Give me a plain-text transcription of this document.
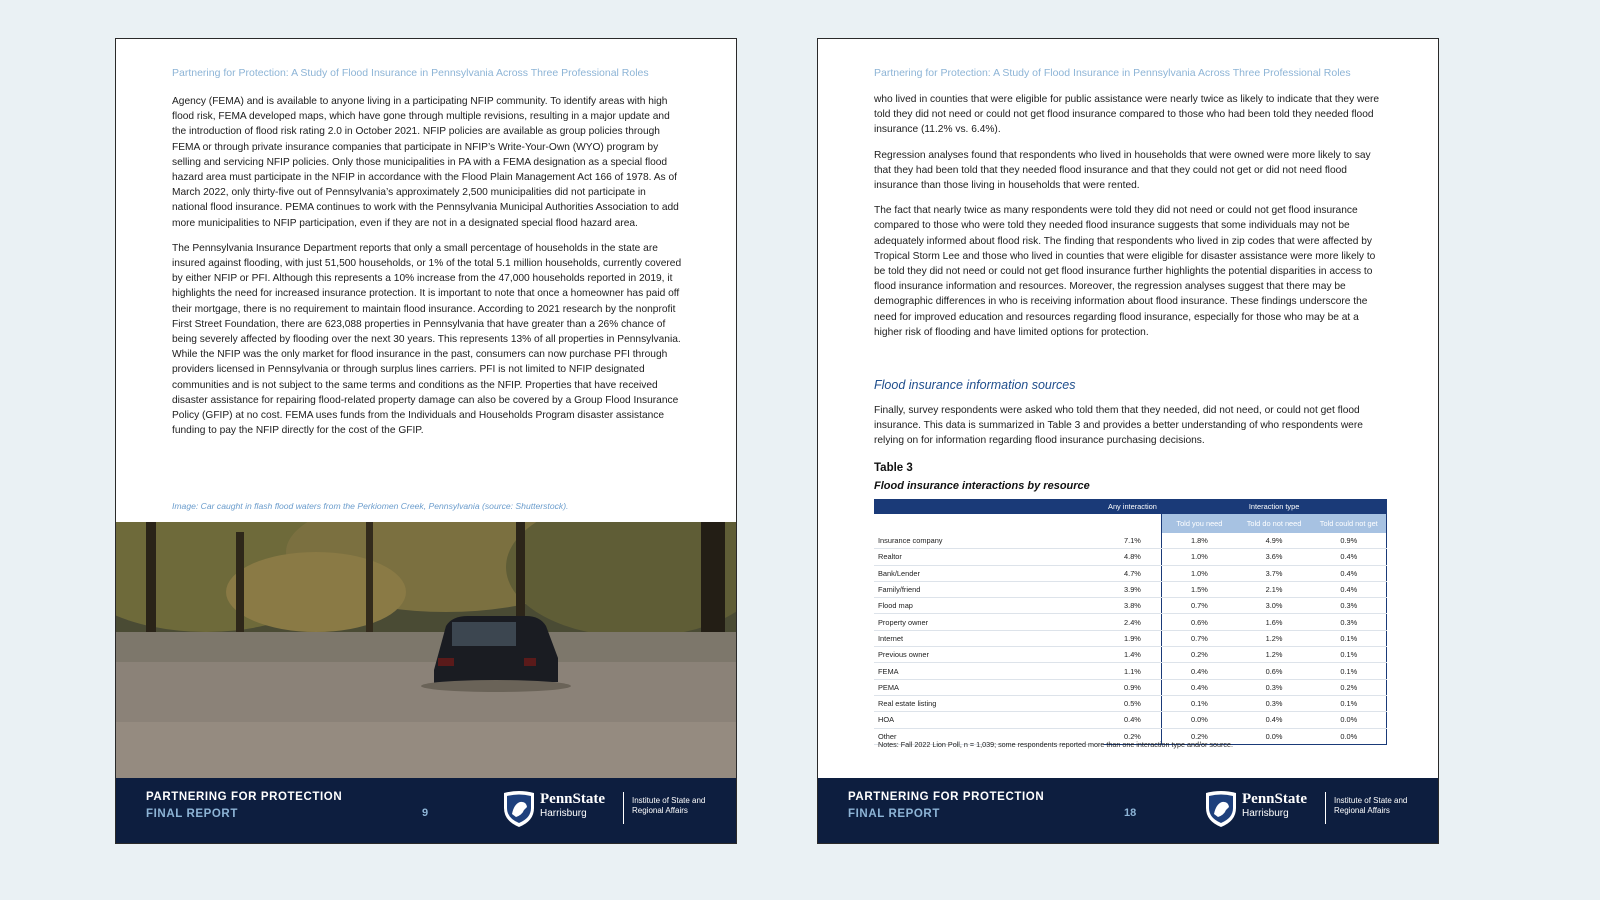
Partnering for Protection: A Study of Flood Insurance in Pennsylvania Across Three Professional Roles

Agency (FEMA) and is available to anyone living in a participating NFIP community. To identify areas with high flood risk, FEMA developed maps, which have gone through multiple revisions, resulting in a major update and the introduction of flood risk rating 2.0 in October 2021. NFIP policies are available as group policies through FEMA or through private insurance companies that participate in NFIP’s Write-Your-Own (WYO) program by selling and servicing NFIP policies. Only those municipalities in PA with a FEMA designation as a special flood hazard area must participate in the NFIP in accordance with the Flood Plain Management Act 166 of 1978. As of March 2022, only thirty-five out of Pennsylvania’s approximately 2,500 municipalities did not participate in national flood insurance. PEMA continues to work with the Pennsylvania Municipal Authorities Association to add more municipalities to NFIP participation, even if they are not in a designated special flood hazard area.

The Pennsylvania Insurance Department reports that only a small percentage of households in the state are insured against flooding, with just 51,500 households, or 1% of the total 5.1 million households, currently covered by either NFIP or PFI. Although this represents a 10% increase from the 47,000 households reported in 2019, it highlights the need for increased insurance protection. It is important to note that once a homeowner has paid off their mortgage, there is no requirement to maintain flood insurance. According to 2021 research by the nonprofit First Street Foundation, there are 623,088 properties in Pennsylvania that have greater than a 26% chance of being severely affected by flooding over the next 30 years. This represents 13% of all properties in Pennsylvania. While the NFIP was the only market for flood insurance in the past, consumers can now purchase PFI through providers licensed in Pennsylvania or through surplus lines carriers. PFI is not limited to NFIP designated communities and is not subject to the same terms and conditions as the NFIP. Properties that have received disaster assistance for repairing flood-related property damage can also be covered by a Group Flood Insurance Policy (GFIP) at no cost. FEMA uses funds from the Individuals and Households Program disaster assistance funding to pay the NFIP directly for the cost of the GFIP.

Image: Car caught in flash flood waters from the Perkiomen Creek, Pennsylvania (source: Shutterstock).
PARTNERING FOR PROTECTION
FINAL REPORT	9
PennState
Harrisburg
Institute of State and Regional Affairs
Partnering for Protection: A Study of Flood Insurance in Pennsylvania Across Three Professional Roles

who lived in counties that were eligible for public assistance were nearly twice as likely to indicate that they were told they did not need or could not get flood insurance compared to those who had been told they needed flood insurance (11.2% vs. 6.4%).

Regression analyses found that respondents who lived in households that were owned were more likely to say that they had been told that they needed flood insurance and that they could not get or did not need flood insurance than those living in households that were rented.

The fact that nearly twice as many respondents were told they did not need or could not get flood insurance compared to those who were told they needed flood insurance suggests that some individuals may not be adequately informed about flood risk. The finding that respondents who lived in zip codes that were affected by Tropical Storm Lee and those who lived in counties that were eligible for disaster assistance were more likely to be told they did not need or could not get flood insurance further highlights the potential disparities in access to flood insurance information and resources. Moreover, the regression analyses suggest that there may be demographic differences in who is receiving information about flood insurance. These findings underscore the need for improved education and resources regarding flood insurance, especially for those who may be at a higher risk of flooding and have limited options for protection.

Flood insurance information sources

Finally, survey respondents were asked who told them that they needed, did not need, or could not get flood insurance. This data is summarized in Table 3 and provides a better understanding of who respondents were relying on for information regarding flood insurance purchasing decisions.

Table 3
Flood insurance interactions by resource
	Any interaction	Interaction type		
		Told you need	Told do not need	Told could not get
Insurance company	7.1%	1.8%	4.9%	0.9%
Realtor	4.8%	1.0%	3.6%	0.4%
Bank/Lender	4.7%	1.0%	3.7%	0.4%
Family/friend	3.9%	1.5%	2.1%	0.4%
Flood map	3.8%	0.7%	3.0%	0.3%
Property owner	2.4%	0.6%	1.6%	0.3%
Internet	1.9%	0.7%	1.2%	0.1%
Previous owner	1.4%	0.2%	1.2%	0.1%
FEMA	1.1%	0.4%	0.6%	0.1%
PEMA	0.9%	0.4%	0.3%	0.2%
Real estate listing	0.5%	0.1%	0.3%	0.1%
HOA	0.4%	0.0%	0.4%	0.0%
Other	0.2%	0.2%	0.0%	0.0%
Notes: Fall 2022 Lion Poll, n = 1,039; some respondents reported more than one interaction type and/or source.
PARTNERING FOR PROTECTION
FINAL REPORT	18
PennState
Harrisburg
Institute of State and Regional Affairs
